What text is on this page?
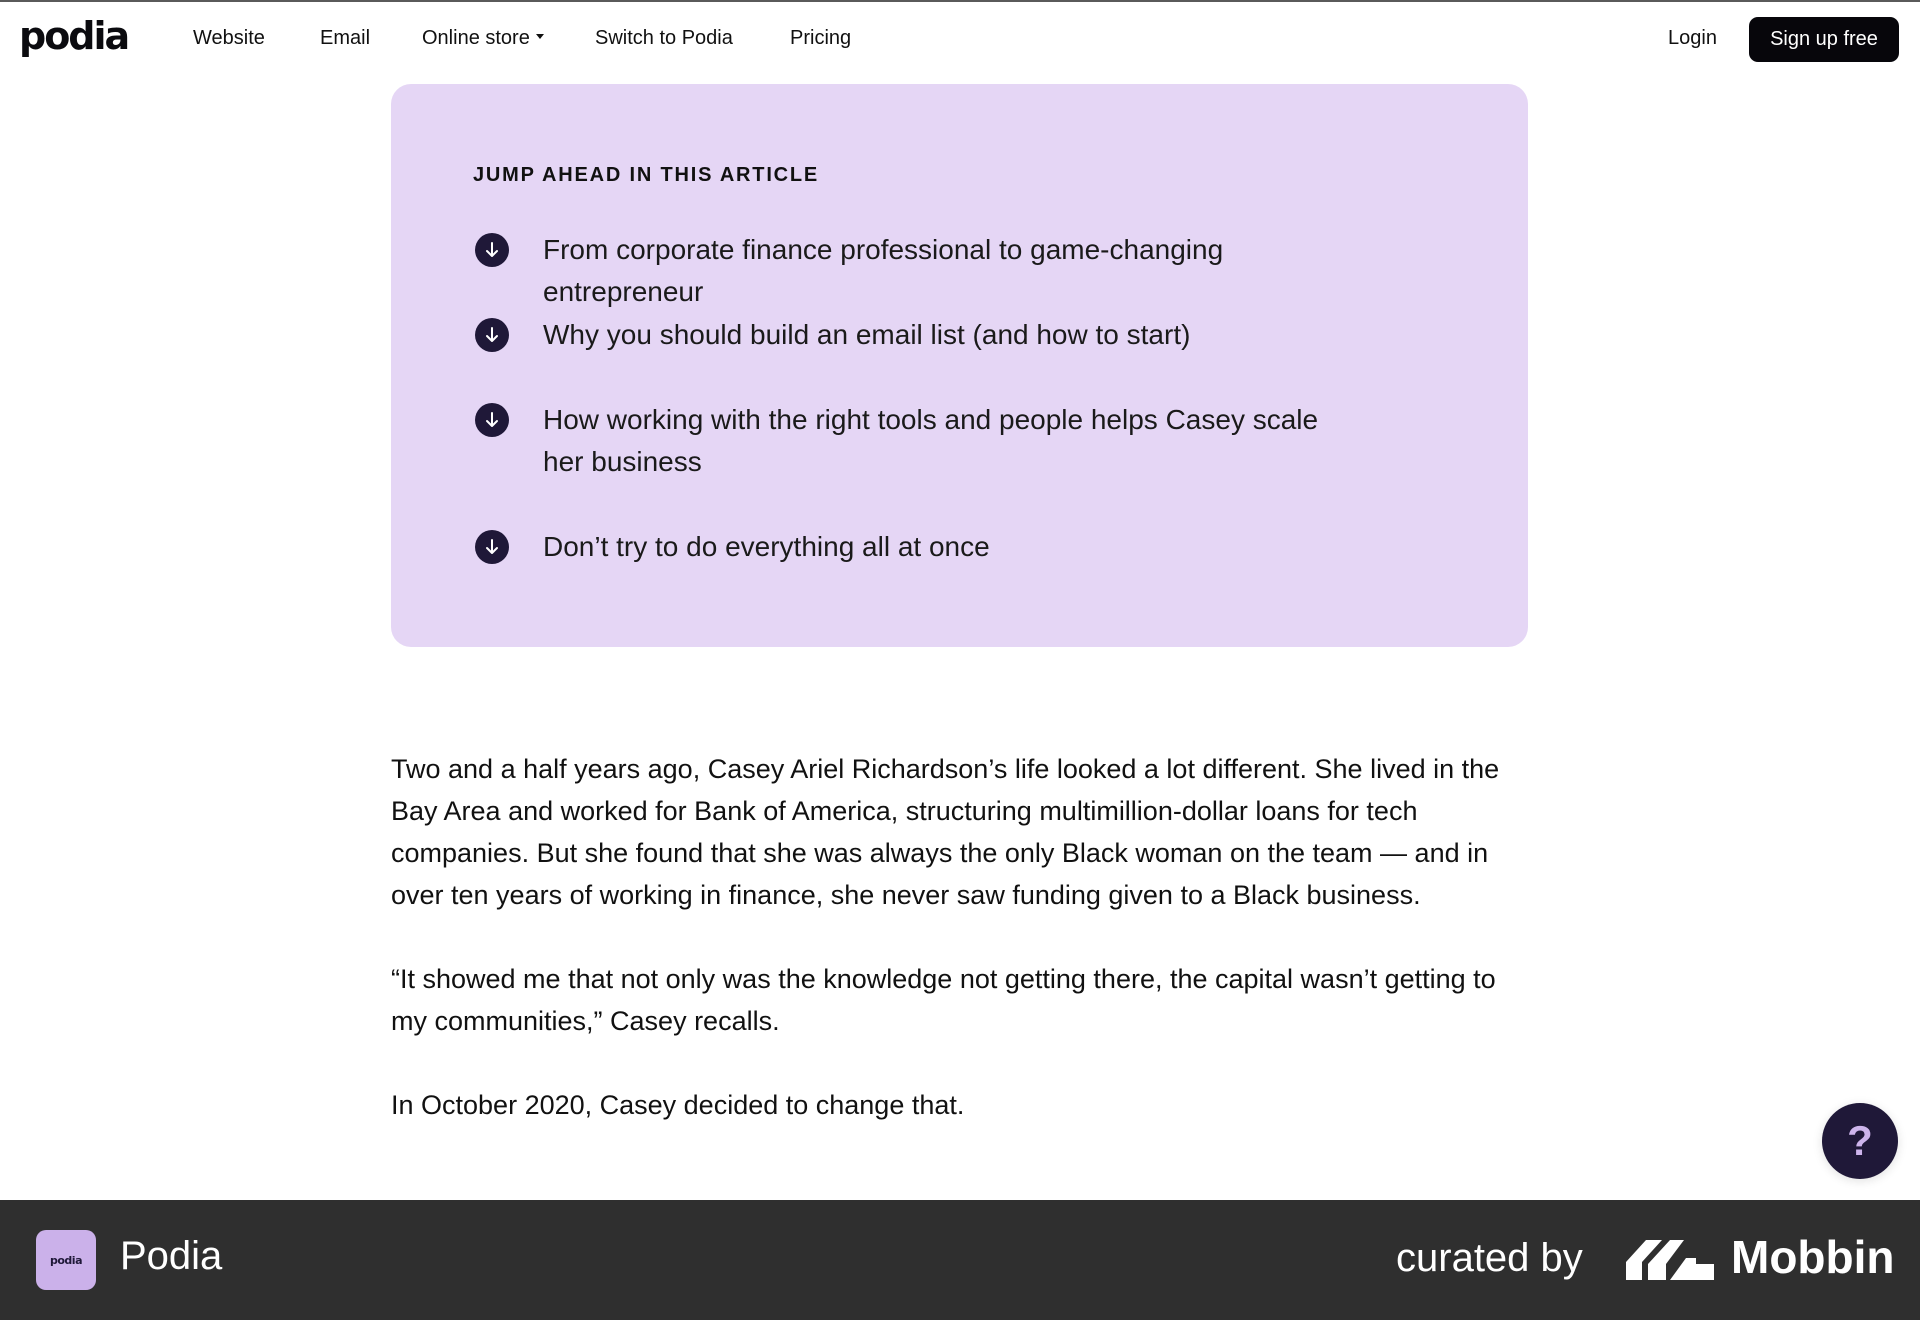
podia	Website	Email	Online store	Switch to Podia	Pricing	Login	Sign up free
JUMP AHEAD IN THIS ARTICLE
From corporate finance professional to game-changing entrepreneur
Why you should build an email list (and how to start)
How working with the right tools and people helps Casey scale her business
Don’t try to do everything all at once

Two and a half years ago, Casey Ariel Richardson’s life looked a lot different. She lived in the Bay Area and worked for Bank of America, structuring multimillion-dollar loans for tech companies. But she found that she was always the only Black woman on the team — and in over ten years of working in finance, she never saw funding given to a Black business.

“It showed me that not only was the knowledge not getting there, the capital wasn’t getting to my communities,” Casey recalls.

In October 2020, Casey decided to change that.

?
podia Podia	curated by	Mobbin
